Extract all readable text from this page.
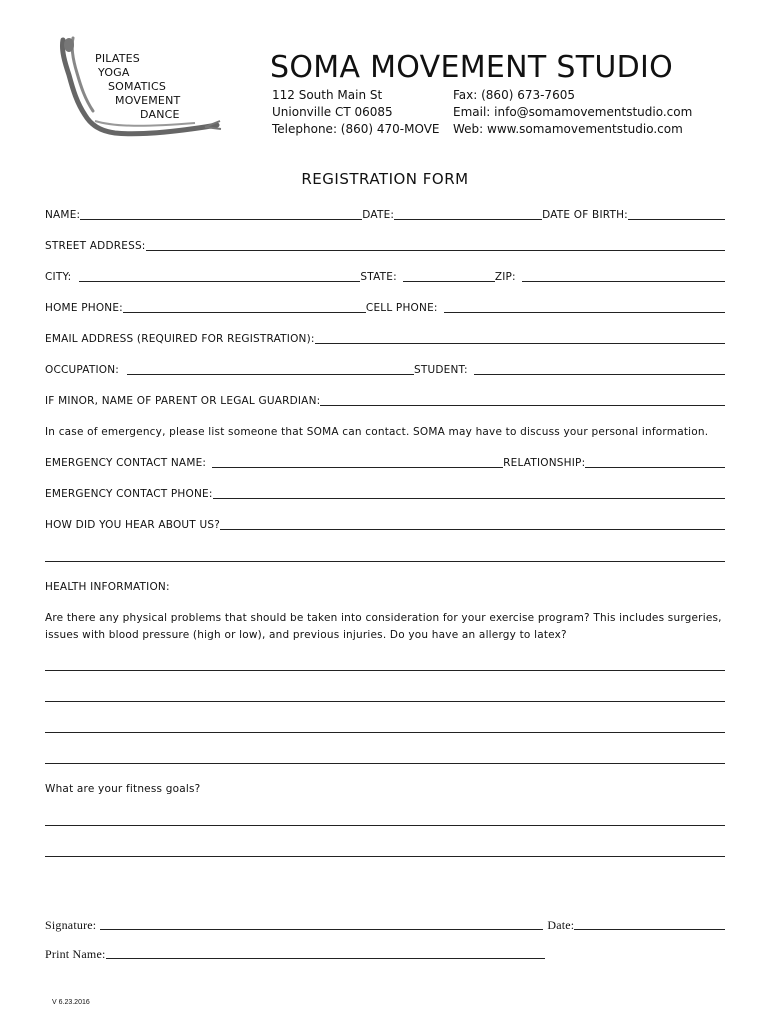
PILATES
YOGA
SOMATICS
MOVEMENT
DANCE
SOMA MOVEMENT STUDIO
112 South Main St
Unionville CT 06085
Telephone: (860) 470-MOVE
Fax: (860) 673-7605
Email: info@somamovementstudio.com
Web: www.somamovementstudio.com
REGISTRATION FORM
NAME:	DATE:	DATE OF BIRTH:
STREET ADDRESS:
CITY:	STATE:	ZIP:
HOME PHONE:	CELL PHONE:
EMAIL ADDRESS (REQUIRED FOR REGISTRATION):
OCCUPATION:	STUDENT:
IF MINOR, NAME OF PARENT OR LEGAL GUARDIAN:
In case of emergency, please list someone that SOMA can contact. SOMA may have to discuss your personal information.
EMERGENCY CONTACT NAME:	RELATIONSHIP:
EMERGENCY CONTACT PHONE:
HOW DID YOU HEAR ABOUT US?
HEALTH INFORMATION:
Are there any physical problems that should be taken into consideration for your exercise program? This includes surgeries, issues with blood pressure (high or low), and previous injuries. Do you have an allergy to latex?
What are your fitness goals?
Signature:	Date:
Print Name:
V 6.23.2016
